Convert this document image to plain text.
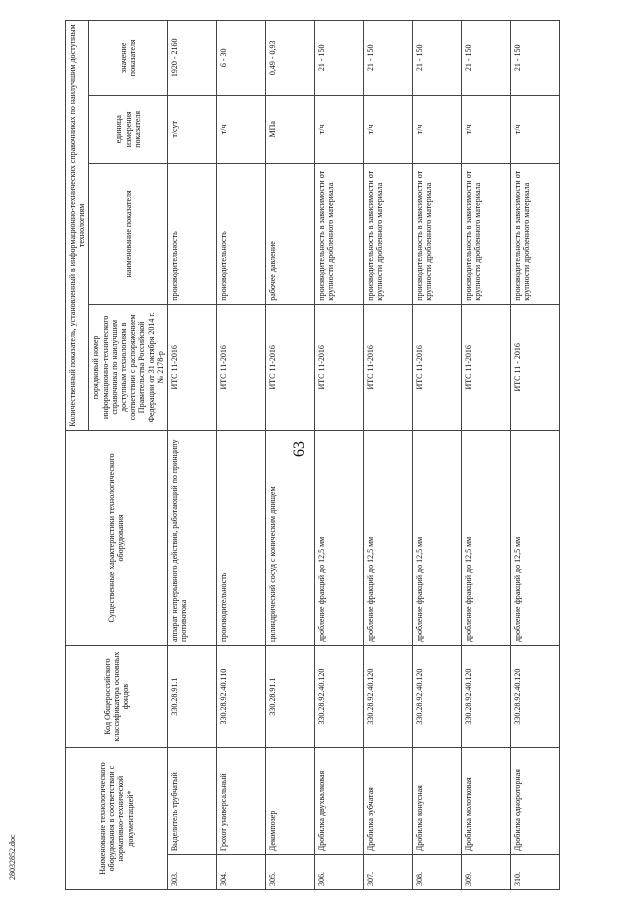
63
Наименование технологического оборудования в соответствии с нормативно-технической документацией*		Код Общероссийского классификатора основных фондов	Существенные характеристики технологического оборудования	Количественный показатель, установленный в информационно-технических справочниках по наилучшим доступным технологиям			
				порядковый номер информационно-технического справочника по наилучшим доступным технологиям в соответствии с распоряжением Правительства Российской Федерации от 31 октября 2014 г. № 2178-р	наименование показателя	единица измерения показателя	значение показателя
303.	Выделитель трубчатый	330.28.91.1	аппарат непрерывного действия, работающий по принципу противотока	ИТС 11-2016	производительность	т/сут	1920 - 2160
304.	Грохот универсальный	330.28.92.40.110	производительность	ИТС 11-2016	производительность	т/ч	6 - 30
305.	Декомпозер	330.28.91.1	цилиндрический сосуд с коническим днищем	ИТС 11-2016	рабочее давление	МПа	0,49 - 0,93
306.	Дробилка двухвалковая	330.28.92.40.120	дробление фракций до 12,5 мм	ИТС 11-2016	производительность в зависимости от крупности дробленного материала	т/ч	21 - 150
307.	Дробилка зубчатая	330.28.92.40.120	дробление фракций до 12,5 мм	ИТС 11-2016	производительность в зависимости от крупности дробленного материала	т/ч	21 - 150
308.	Дробилка конусная	330.28.92.40.120	дробление фракций до 12,5 мм	ИТС 11-2016	производительность в зависимости от крупности дробленного материала	т/ч	21 - 150
309.	Дробилка молотковая	330.28.92.40.120	дробление фракций до 12,5 мм	ИТС 11-2016	производительность в зависимости от крупности дробленного материала	т/ч	21 - 150
310.	Дробилка однороторная	330.28.92.40.120	дробление фракций до 12,5 мм	ИТС 11 - 2016	производительность в зависимости от крупности дробленного материала	т/ч	21 - 150
28032852.doc
